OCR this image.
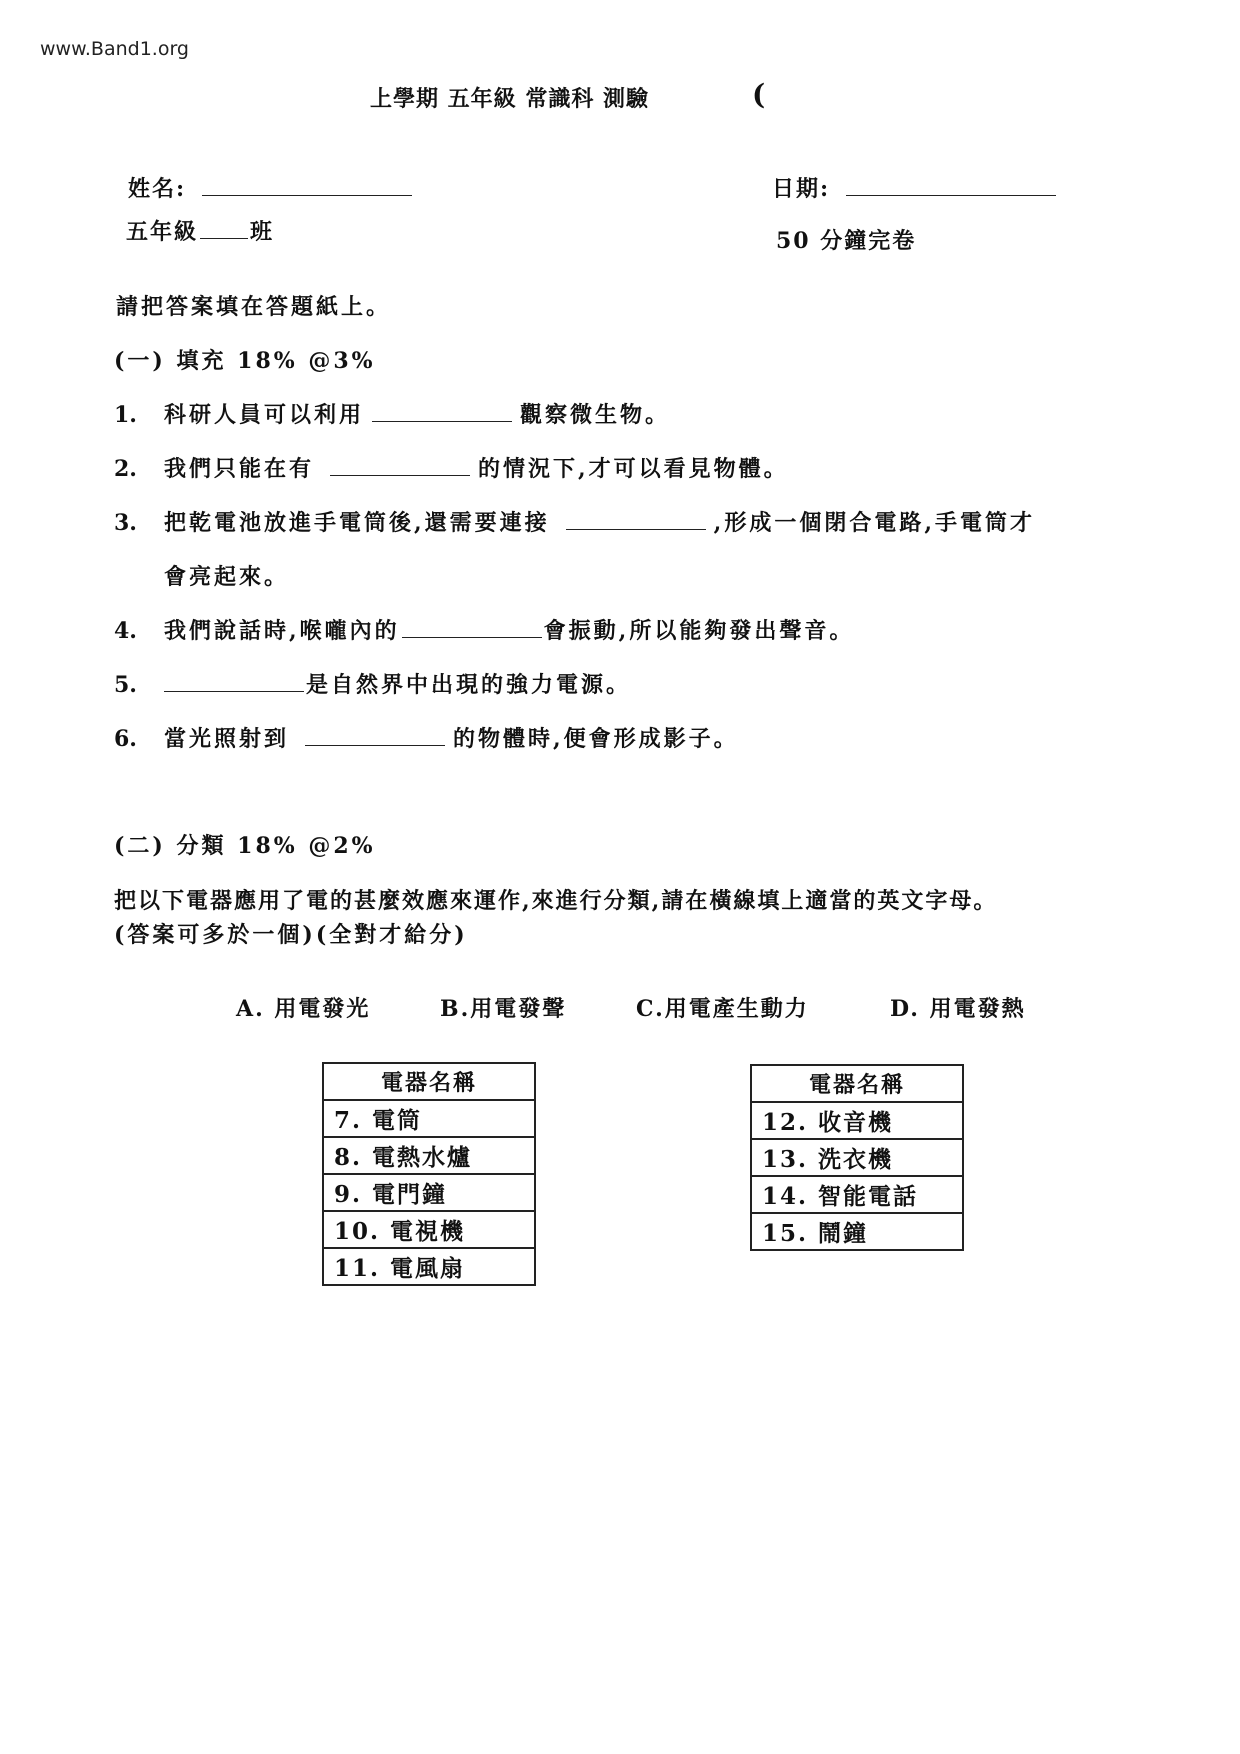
www.Band1.org
上學期 五年級 常識科 測驗	(
姓名:
五年級 班
日期:
50 分鐘完卷
請把答案填在答題紙上。
(一) 填充 18% @3%
1. 科研人員可以利用	觀察微生物。
2. 我們只能在有	的情況下,才可以看見物體。
3. 把乾電池放進手電筒後,還需要連接	,形成一個閉合電路,手電筒才
會亮起來。
4. 我們說話時,喉嚨內的	會振動,所以能夠發出聲音。
5.	是自然界中出現的強力電源。
6. 當光照射到	的物體時,便會形成影子。
(二) 分類 18% @2%
把以下電器應用了電的甚麼效應來運作,來進行分類,請在橫線填上適當的英文字母。
(答案可多於一個)(全對才給分)
A. 用電發光	B.用電發聲	C.用電產生動力	D. 用電發熱
電器名稱
7. 電筒
8. 電熱水爐
9. 電門鐘
10. 電視機
11. 電風扇
電器名稱
12. 收音機
13. 洗衣機
14. 智能電話
15. 鬧鐘
